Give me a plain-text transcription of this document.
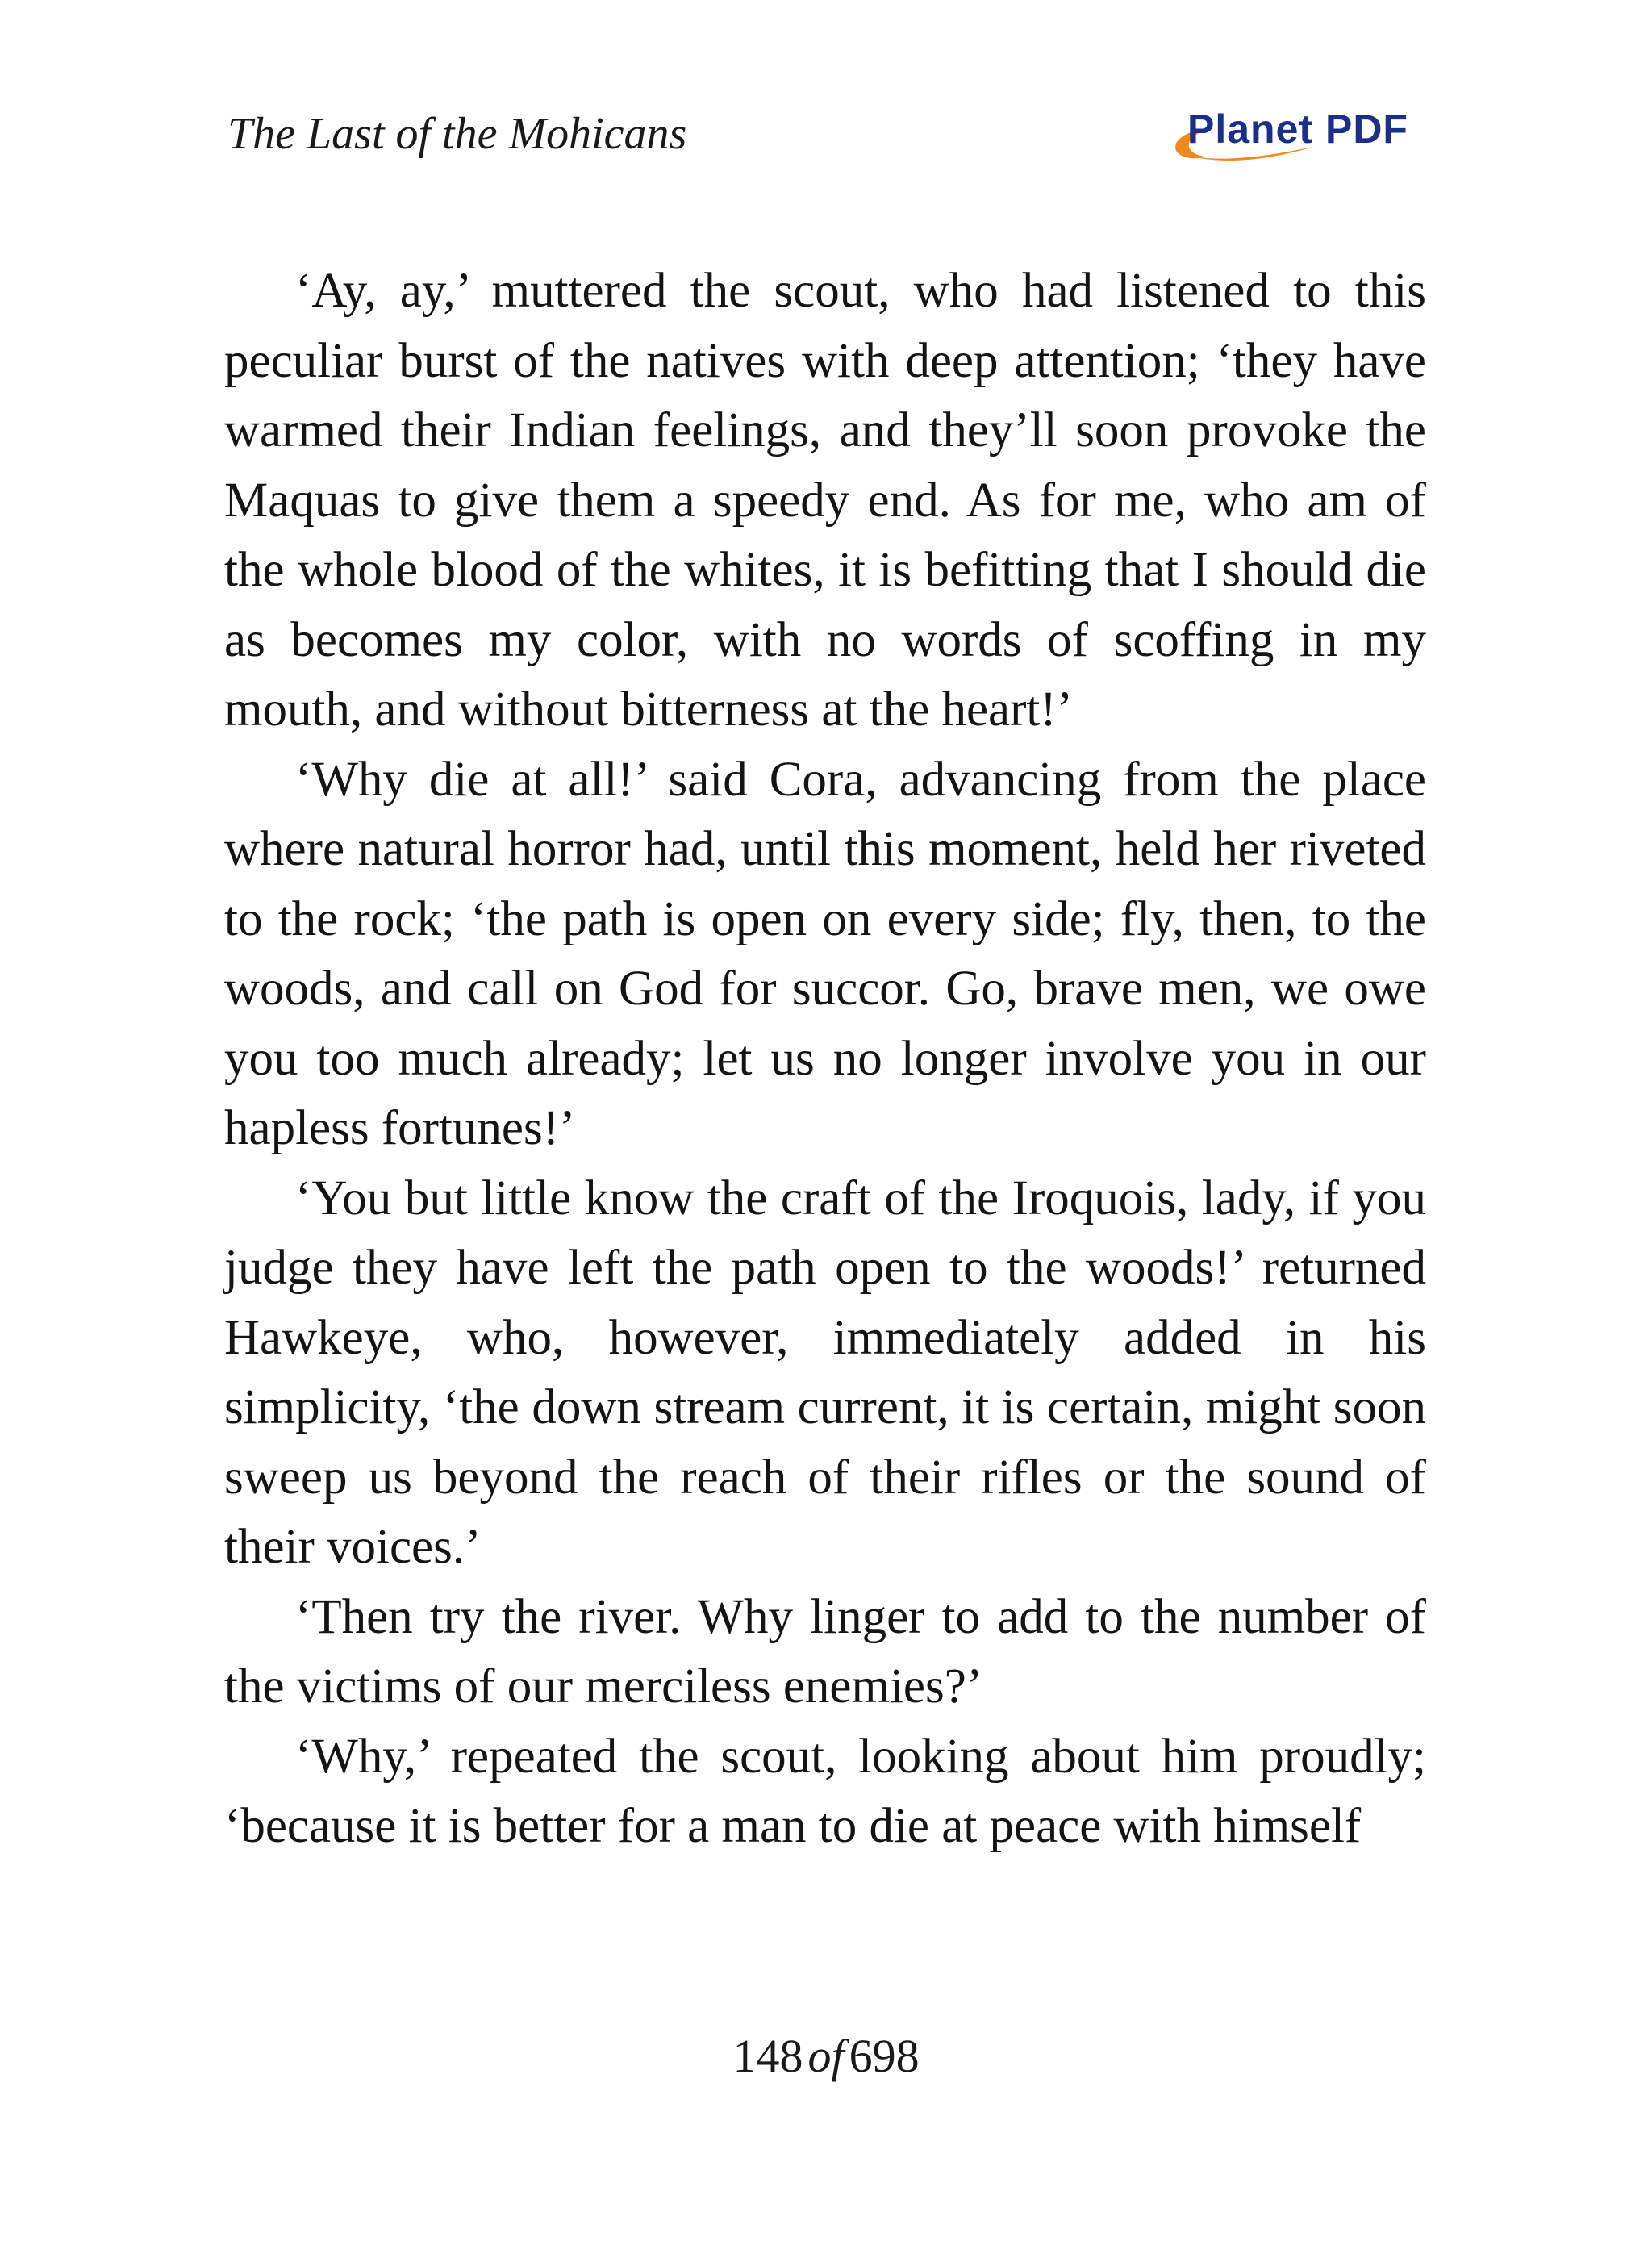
The Last of the Mohicans	Planet PDF

‘Ay, ay,’ muttered the scout, who had listened to this peculiar burst of the natives with deep attention; ‘they have warmed their Indian feelings, and they’ll soon provoke the Maquas to give them a speedy end. As for me, who am of the whole blood of the whites, it is befitting that I should die as becomes my color, with no words of scoffing in my mouth, and without bitterness at the heart!’

‘Why die at all!’ said Cora, advancing from the place where natural horror had, until this moment, held her riveted to the rock; ‘the path is open on every side; fly, then, to the woods, and call on God for succor. Go, brave men, we owe you too much already; let us no longer involve you in our hapless fortunes!’

‘You but little know the craft of the Iroquois, lady, if you judge they have left the path open to the woods!’ returned Hawkeye, who, however, immediately added in his simplicity, ‘the down stream current, it is certain, might soon sweep us beyond the reach of their rifles or the sound of their voices.’

‘Then try the river. Why linger to add to the number of the victims of our merciless enemies?’

‘Why,’ repeated the scout, looking about him proudly; ‘because it is better for a man to die at peace with himself

148 of 698
